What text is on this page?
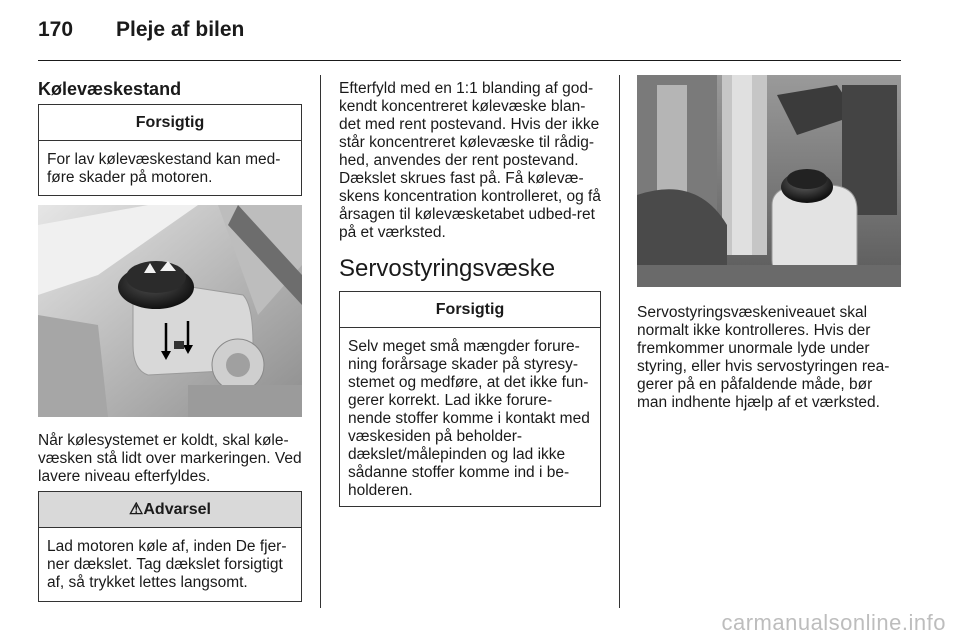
170 Pleje af bilen
Kølevæskestand
Forsigtig
For lav kølevæskestand kan med-føre skader på motoren.
Når kølesystemet er koldt, skal køle-væsken stå lidt over markeringen. Ved lavere niveau efterfyldes.
⚠Advarsel
Lad motoren køle af, inden De fjer-ner dækslet. Tag dækslet forsigtigt af, så trykket lettes langsomt.
Efterfyld med en 1:1 blanding af god-kendt koncentreret kølevæske blan-det med rent postevand. Hvis der ikke står koncentreret kølevæske til rådig-hed, anvendes der rent postevand. Dækslet skrues fast på. Få kølevæ-skens koncentration kontrolleret, og få årsagen til kølevæsketabet udbed-ret på et værksted.
Servostyringsvæske
Forsigtig
Selv meget små mængder forure-ning forårsage skader på styresy-stemet og medføre, at det ikke fun-gerer korrekt. Lad ikke forure-nende stoffer komme i kontakt med væskesiden på beholder-dækslet/målepinden og lad ikke sådanne stoffer komme ind i be-holderen.
Servostyringsvæskeniveauet skal normalt ikke kontrolleres. Hvis der fremkommer unormale lyde under styring, eller hvis servostyringen rea-gerer på en påfaldende måde, bør man indhente hjælp af et værksted.
carmanualsonline.info
